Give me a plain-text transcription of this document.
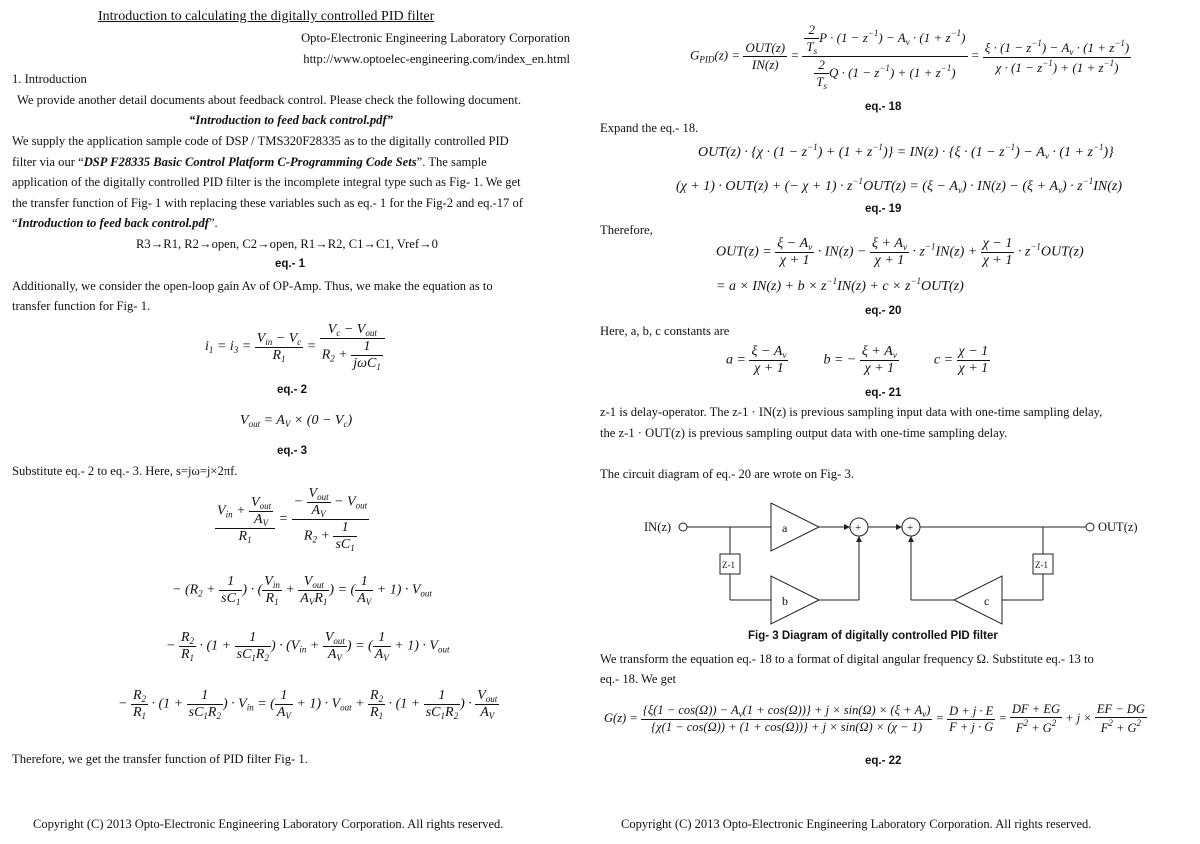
Introduction to calculating the digitally controlled PID filter
Opto-Electronic Engineering Laboratory Corporation
http://www.optoelec-engineering.com/index_en.html
1. Introduction
We provide another detail documents about feedback control. Please check the following document.
“Introduction to feed back control.pdf”
We supply the application sample code of DSP / TMS320F28335 as to the digitally controlled PID
filter via our “DSP F28335 Basic Control Platform C-Programming Code Sets”. The sample
application of the digitally controlled PID filter is the incomplete integral type such as Fig- 1. We get
the transfer function of Fig- 1 with replacing these variables such as eq.- 1 for the Fig-2 and eq.-17 of
“Introduction to feed back control.pdf”.
R3→R1, R2→open, C2→open, R1→R2, C1→C1, Vref→0
eq.- 1
Additionally, we consider the open-loop gain Av of OP-Amp. Thus, we make the equation as to
transfer function for Fig- 1.
$i_1 = i_3 = \frac{V_{in} - V_c}{R_1} = \frac{V_c - V_{out}}{R_2 + \frac{1}{j\omega C_1}}$
eq.- 2
$V_{out} = A_V \times (0 - V_c)$
eq.- 3
Substitute eq.- 2 to eq.- 3. Here, s=jω=j×2πf.
$\frac{V_{in} + \frac{V_{out}}{A_V}}{R_1} = \frac{- \frac{V_{out}}{A_V} - V_{out}}{R_2 + \frac{1}{sC_1}}$
− ($R_2 + \frac{1}{sC_1}$ ) · ( $\frac{V_{in}}{R_1} + \frac{V_{out}}{A_VR_1}$ ) = ( $\frac{1}{A_V} + 1) \cdot V_{out}$
− $\frac{R_2}{R_1} \cdot (1 + \frac{1}{sC_1R_2}$ ) · ($V_{in} + \frac{V_{out}}{A_V}$ ) = ( $\frac{1}{A_V} + 1) \cdot V_{out}$
− $\frac{R_2}{R_1} \cdot (1 + \frac{1}{sC_1R_2}$ ) · $V_{in}$ = ( $\frac{1}{A_V} + 1) \cdot V_{out} + \frac{R_2}{R_1} \cdot (1 + \frac{1}{sC_1R_2}$ ) · $\frac{V_{out}}{A_V}$
Therefore, we get the transfer function of PID filter Fig- 1.
Copyright (C) 2013 Opto-Electronic Engineering Laboratory Corporation. All rights reserved.
$G_{PID}(z) = \frac{\text{OUT(z)}}{IN(z)} = \frac{\frac{2}{T_s} P \cdot (1 - z^{-1}) - A_v \cdot (1 + z^{-1})}{\frac{2}{T_s} Q \cdot (1 - z^{-1}) + (1 + z^{-1})} = \frac{\xi \cdot (1 - z^{-1}) - A_v \cdot (1 + z^{-1})}{\chi \cdot (1 - z^{-1}) + (1 + z^{-1})}$
eq.- 18
Expand the eq.- 18.
$OUT(z) \cdot \{\chi \cdot (1 - z^{-1}) + (1 + z^{-1})\} = IN(z) \cdot \{\xi \cdot (1 - z^{-1}) - A_v \cdot (1 + z^{-1})\}$
(χ + 1) · OUT(z) + (− $\chi + 1) \cdot z^{-1}OUT(z) = (\xi - A_v) \cdot IN(z) - (\xi + A_v) \cdot z^{-1}IN(z)$
eq.- 19
Therefore,
$OUT(z) = \frac{\xi - A_v}{\chi + 1} \cdot IN(z) - \frac{\xi + A_v}{\chi + 1} \cdot z^{-1}IN(z) + \frac{\chi - 1}{\chi + 1} \cdot z^{-1}OUT(z)$
= $a \times IN(z) + b \times z^{-1}IN(z) + c \times z^{-1}OUT(z)$
eq.- 20
Here, a, b, c constants are
$a = \frac{\xi - A_v}{\chi + 1}$ b = − $\frac{\xi + A_v}{\chi + 1}$ $c = \frac{\chi - 1}{\chi + 1}$
eq.- 21
z-1 is delay-operator. The z-1 · IN(z) is previous sampling input data with one-time sampling delay,
the z-1 · OUT(z) is previous sampling output data with one-time sampling delay.
The circuit diagram of eq.- 20 are wrote on Fig- 3.
IN(z)	OUT(z)
a
b	c
Z-1	Z-1
+	+
Fig- 3 Diagram of digitally controlled PID filter
We transform the equation eq.- 18 to a format of digital angular frequency Ω. Substitute eq.- 13 to
eq.- 18. We get
$G(z) = \frac{\{\xi(1 - \cos(\Omega)) - A_v(1 + \cos(\Omega))\} + j \times \sin(\Omega) \times (\xi + A_v)}{\{\chi(1 - \cos(\Omega)) + (1 + \cos(\Omega))\} + j \times \sin(\Omega) \times (\chi - 1)} = \frac{D + j \cdot E}{F + j \cdot G} = \frac{DF + EG}{F^2 + G^2} + j \times \frac{EF - DG}{F^2 + G^2}$
eq.- 22
Copyright (C) 2013 Opto-Electronic Engineering Laboratory Corporation. All rights reserved.
